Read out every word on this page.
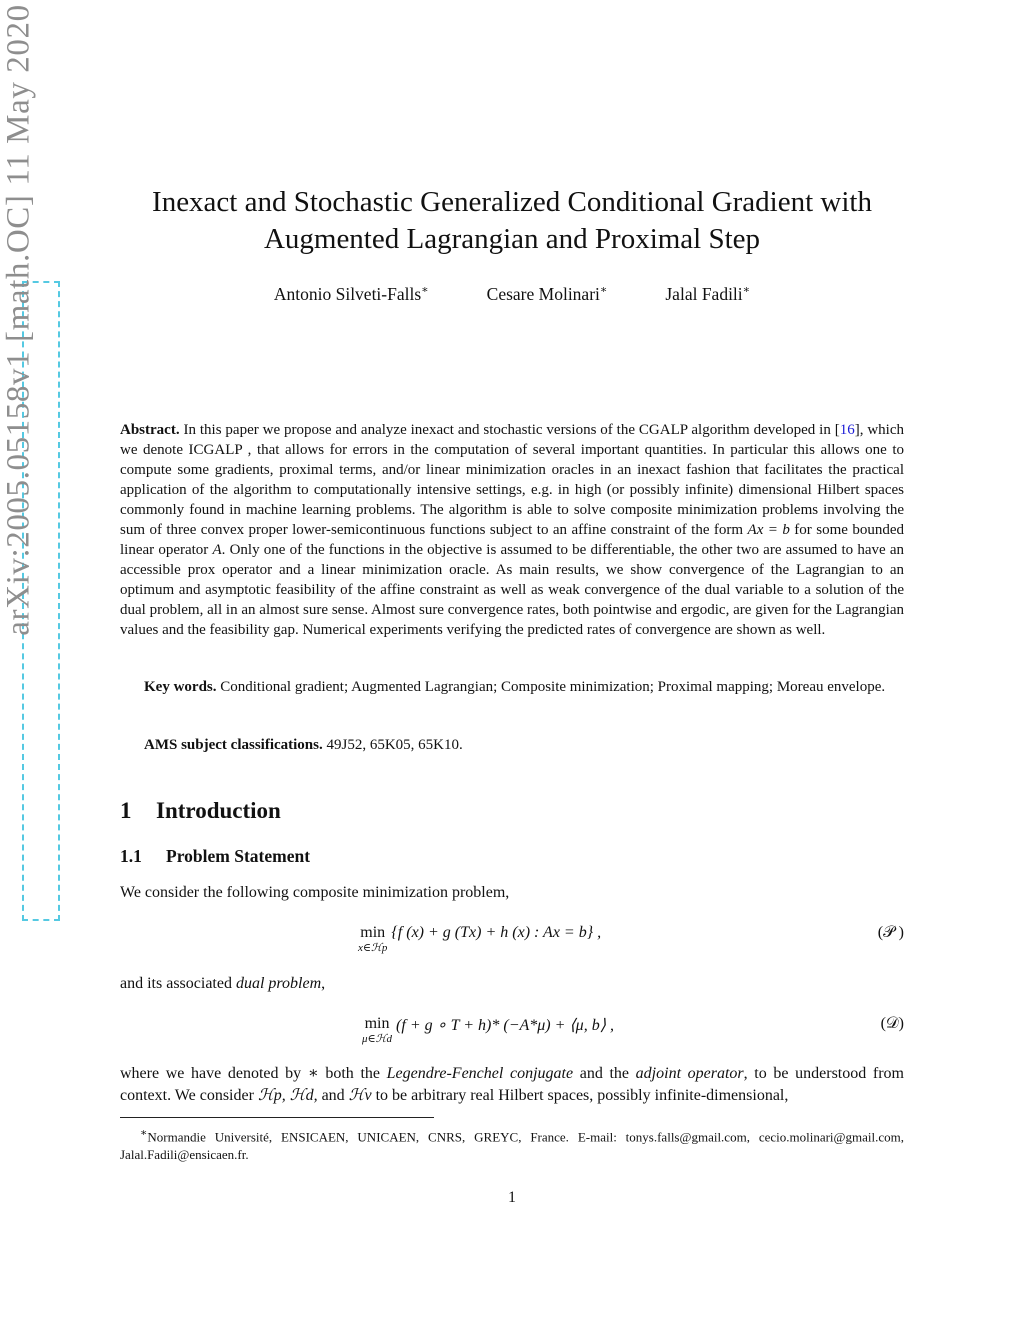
arXiv:2005.05158v1 [math.OC] 11 May 2020	Inexact and Stochastic Generalized Conditional Gradient with
Augmented Lagrangian and Proximal Step
Antonio Silveti-Falls∗	Cesare Molinari∗	Jalal Fadili∗

Abstract. In this paper we propose and analyze inexact and stochastic versions of the CGALP algorithm developed in [16], which we denote ICGALP , that allows for errors in the computation of several important quantities. In particular this allows one to compute some gradients, proximal terms, and/or linear minimization oracles in an inexact fashion that facilitates the practical application of the algorithm to computationally intensive settings, e.g. in high (or possibly infinite) dimensional Hilbert spaces commonly found in machine learning problems. The algorithm is able to solve composite minimization problems involving the sum of three convex proper lower-semicontinuous functions subject to an affine constraint of the form Ax = b for some bounded linear operator A. Only one of the functions in the objective is assumed to be differentiable, the other two are assumed to have an accessible prox operator and a linear minimization oracle. As main results, we show convergence of the Lagrangian to an optimum and asymptotic feasibility of the affine constraint as well as weak convergence of the dual variable to a solution of the dual problem, all in an almost sure sense. Almost sure convergence rates, both pointwise and ergodic, are given for the Lagrangian values and the feasibility gap. Numerical experiments verifying the predicted rates of convergence are shown as well.

Key words. Conditional gradient; Augmented Lagrangian; Composite minimization; Proximal mapping; Moreau envelope.

AMS subject classifications. 49J52, 65K05, 65K10.

1 Introduction
1.1 Problem Statement

We consider the following composite minimization problem,

min
x∈ℋp
{f (x) + g (Tx) + h (x) : Ax = b} ,	(𝒫 )

and its associated dual problem,

min
μ∈ℋd
(f + g ∘ T + h)* (−A*μ) + ⟨μ, b⟩ ,	(𝒟)

where we have denoted by ∗ both the Legendre-Fenchel conjugate and the adjoint operator, to be understood from context. We consider ℋp, ℋd, and ℋv to be arbitrary real Hilbert spaces, possibly infinite-dimensional,

∗Normandie Université, ENSICAEN, UNICAEN, CNRS, GREYC, France. E-mail: tonys.falls@gmail.com, cecio.molinari@gmail.com, Jalal.Fadili@ensicaen.fr.

1
